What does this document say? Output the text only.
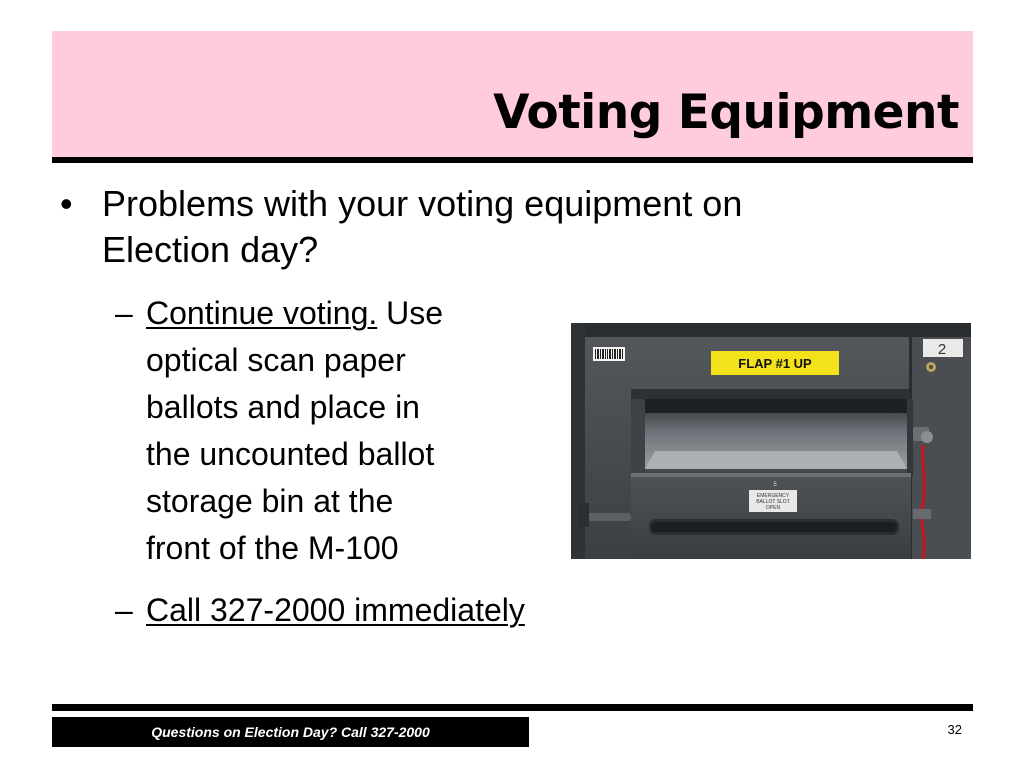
Voting Equipment
• Problems with your voting equipment on
Election day?
– Continue voting. Use
optical scan paper
ballots and place in
the uncounted ballot
storage bin at the
front of the M-100
– Call 327-2000 immediately
FLAP #1 UP
2
5
EMERGENCY
BALLOT SLOT
OPEN
Questions on Election Day? Call 327-2000	32
